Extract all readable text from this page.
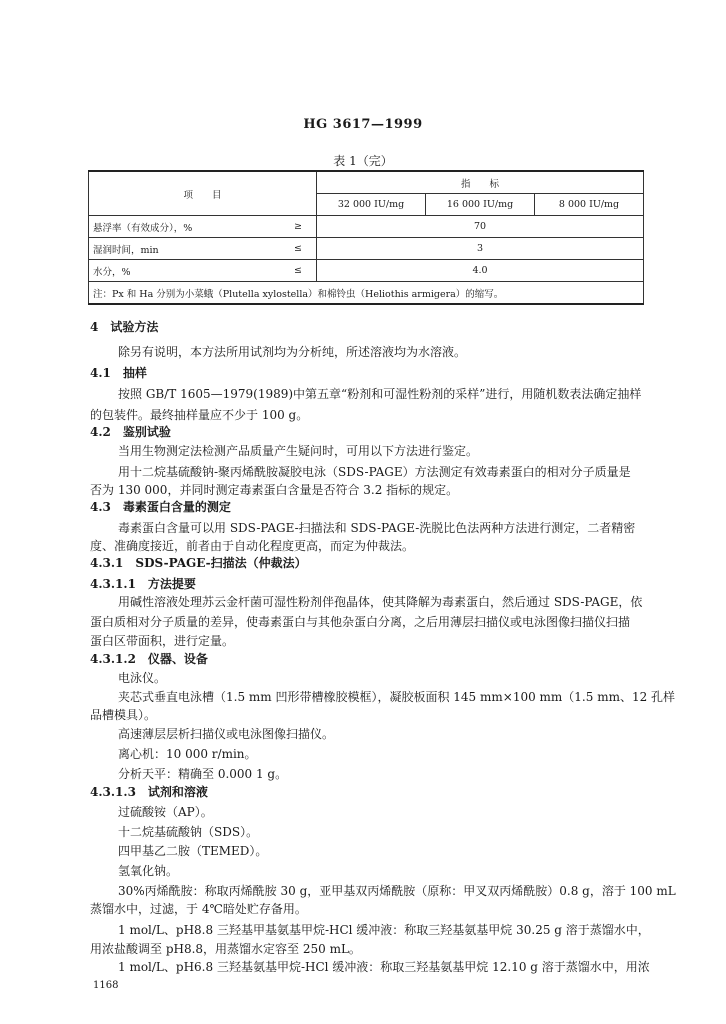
HG 3617—1999
表 1（完）
项　　目		指　　标		
		32 000 IU/mg	16 000 IU/mg	8 000 IU/mg
悬浮率（有效成分），%	≥	70		
湿润时间，min	≤	3		
水分，%	≤	4.0		
注：Px 和 Ha 分别为小菜蛾（Plutella xylostella）和棉铃虫（Heliothis armigera）的缩写。				
4　试验方法
除另有说明，本方法所用试剂均为分析纯，所述溶液均为水溶液。
4.1　抽样
按照 GB/T 1605—1979(1989)中第五章“粉剂和可湿性粉剂的采样”进行，用随机数表法确定抽样
的包装件。最终抽样量应不少于 100 g。
4.2　鉴别试验
当用生物测定法检测产品质量产生疑问时，可用以下方法进行鉴定。
用十二烷基硫酸钠-聚丙烯酰胺凝胶电泳（SDS-PAGE）方法测定有效毒素蛋白的相对分子质量是
否为 130 000，并同时测定毒素蛋白含量是否符合 3.2 指标的规定。
4.3　毒素蛋白含量的测定
毒素蛋白含量可以用 SDS-PAGE-扫描法和 SDS-PAGE-洗脱比色法两种方法进行测定，二者精密
度、准确度接近，前者由于自动化程度更高，而定为仲裁法。
4.3.1　SDS-PAGE-扫描法（仲裁法）
4.3.1.1　方法提要
用碱性溶液处理苏云金杆菌可湿性粉剂伴孢晶体，使其降解为毒素蛋白，然后通过 SDS-PAGE，依
蛋白质相对分子质量的差异，使毒素蛋白与其他杂蛋白分离，之后用薄层扫描仪或电泳图像扫描仪扫描
蛋白区带面积，进行定量。
4.3.1.2　仪器、设备
电泳仪。
夹芯式垂直电泳槽（1.5 mm 凹形带槽橡胶模框），凝胶板面积 145 mm×100 mm（1.5 mm、12 孔样
品槽模具）。
高速薄层层析扫描仪或电泳图像扫描仪。
离心机：10 000 r/min。
分析天平：精确至 0.000 1 g。
4.3.1.3　试剂和溶液
过硫酸铵（AP）。
十二烷基硫酸钠（SDS）。
四甲基乙二胺（TEMED）。
氢氧化钠。
30%丙烯酰胺：称取丙烯酰胺 30 g，亚甲基双丙烯酰胺（原称：甲叉双丙烯酰胺）0.8 g，溶于 100 mL
蒸馏水中，过滤，于 4℃暗处贮存备用。
1 mol/L、pH8.8 三羟基甲基氨基甲烷-HCl 缓冲液：称取三羟基氨基甲烷 30.25 g 溶于蒸馏水中，
用浓盐酸调至 pH8.8，用蒸馏水定容至 250 mL。
1 mol/L、pH6.8 三羟基氨基甲烷-HCl 缓冲液：称取三羟基氨基甲烷 12.10 g 溶于蒸馏水中，用浓
1168
